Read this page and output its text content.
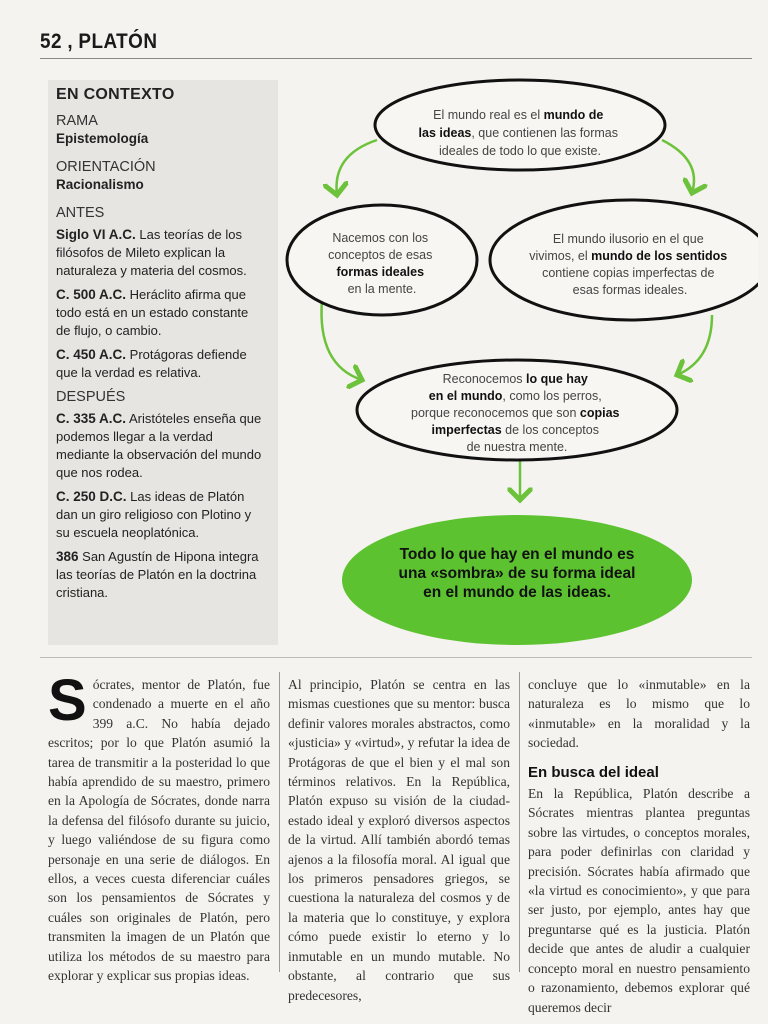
52 , PLATÓN
EN CONTEXTO
RAMA
Epistemología
ORIENTACIÓN
Racionalismo
ANTES
Siglo VI A.C. Las teorías de los filósofos de Mileto explican la naturaleza y materia del cosmos.
C. 500 A.C. Heráclito afirma que todo está en un estado constante de flujo, o cambio.
C. 450 A.C. Protágoras defiende que la verdad es relativa.
DESPUÉS
C. 335 A.C. Aristóteles enseña que podemos llegar a la verdad mediante la observación del mundo que nos rodea.
C. 250 D.C. Las ideas de Platón dan un giro religioso con Plotino y su escuela neoplatónica.
386 San Agustín de Hipona integra las teorías de Platón en la doctrina cristiana.
El mundo real es el mundo de las ideas, que contienen las formas ideales de todo lo que existe.
Nacemos con los conceptos de esas formas ideales en la mente.
El mundo ilusorio en el que vivimos, el mundo de los sentidos contiene copias imperfectas de esas formas ideales.
Reconocemos lo que hay en el mundo, como los perros, porque reconocemos que son copias imperfectas de los conceptos de nuestra mente.
Todo lo que hay en el mundo es
una «sombra» de su forma ideal
en el mundo de las ideas.
Sócrates, mentor de Platón, fue condenado a muerte en el año 399 a.C. No había dejado escritos; por lo que Platón asumió la tarea de transmitir a la posteridad lo que había aprendido de su maestro, primero en la Apología de Sócrates, donde narra la defensa del filósofo durante su juicio, y luego valiéndose de su figura como personaje en una serie de diálogos. En ellos, a veces cuesta diferenciar cuáles son los pensamientos de Sócrates y cuáles son originales de Platón, pero transmiten la imagen de un Platón que utiliza los métodos de su maestro para explorar y explicar sus propias ideas.
Al principio, Platón se centra en las mismas cuestiones que su mentor: busca definir valores morales abstractos, como «justicia» y «virtud», y refutar la idea de Protágoras de que el bien y el mal son términos relativos. En la República, Platón expuso su visión de la ciudad-estado ideal y exploró diversos aspectos de la virtud. Allí también abordó temas ajenos a la filosofía moral. Al igual que los primeros pensadores griegos, se cuestiona la naturaleza del cosmos y de la materia que lo constituye, y explora cómo puede existir lo eterno y lo inmutable en un mundo mutable. No obstante, al contrario que sus predecesores,

concluye que lo «inmutable» en la naturaleza es lo mismo que lo «inmutable» en la moralidad y la sociedad.

En busca del ideal

En la República, Platón describe a Sócrates mientras plantea preguntas sobre las virtudes, o conceptos morales, para poder definirlas con claridad y precisión. Sócrates había afirmado que «la virtud es conocimiento», y que para ser justo, por ejemplo, antes hay que preguntarse qué es la justicia. Platón decide que antes de aludir a cualquier concepto moral en nuestro pensamiento o razonamiento, debemos explorar qué queremos decir
